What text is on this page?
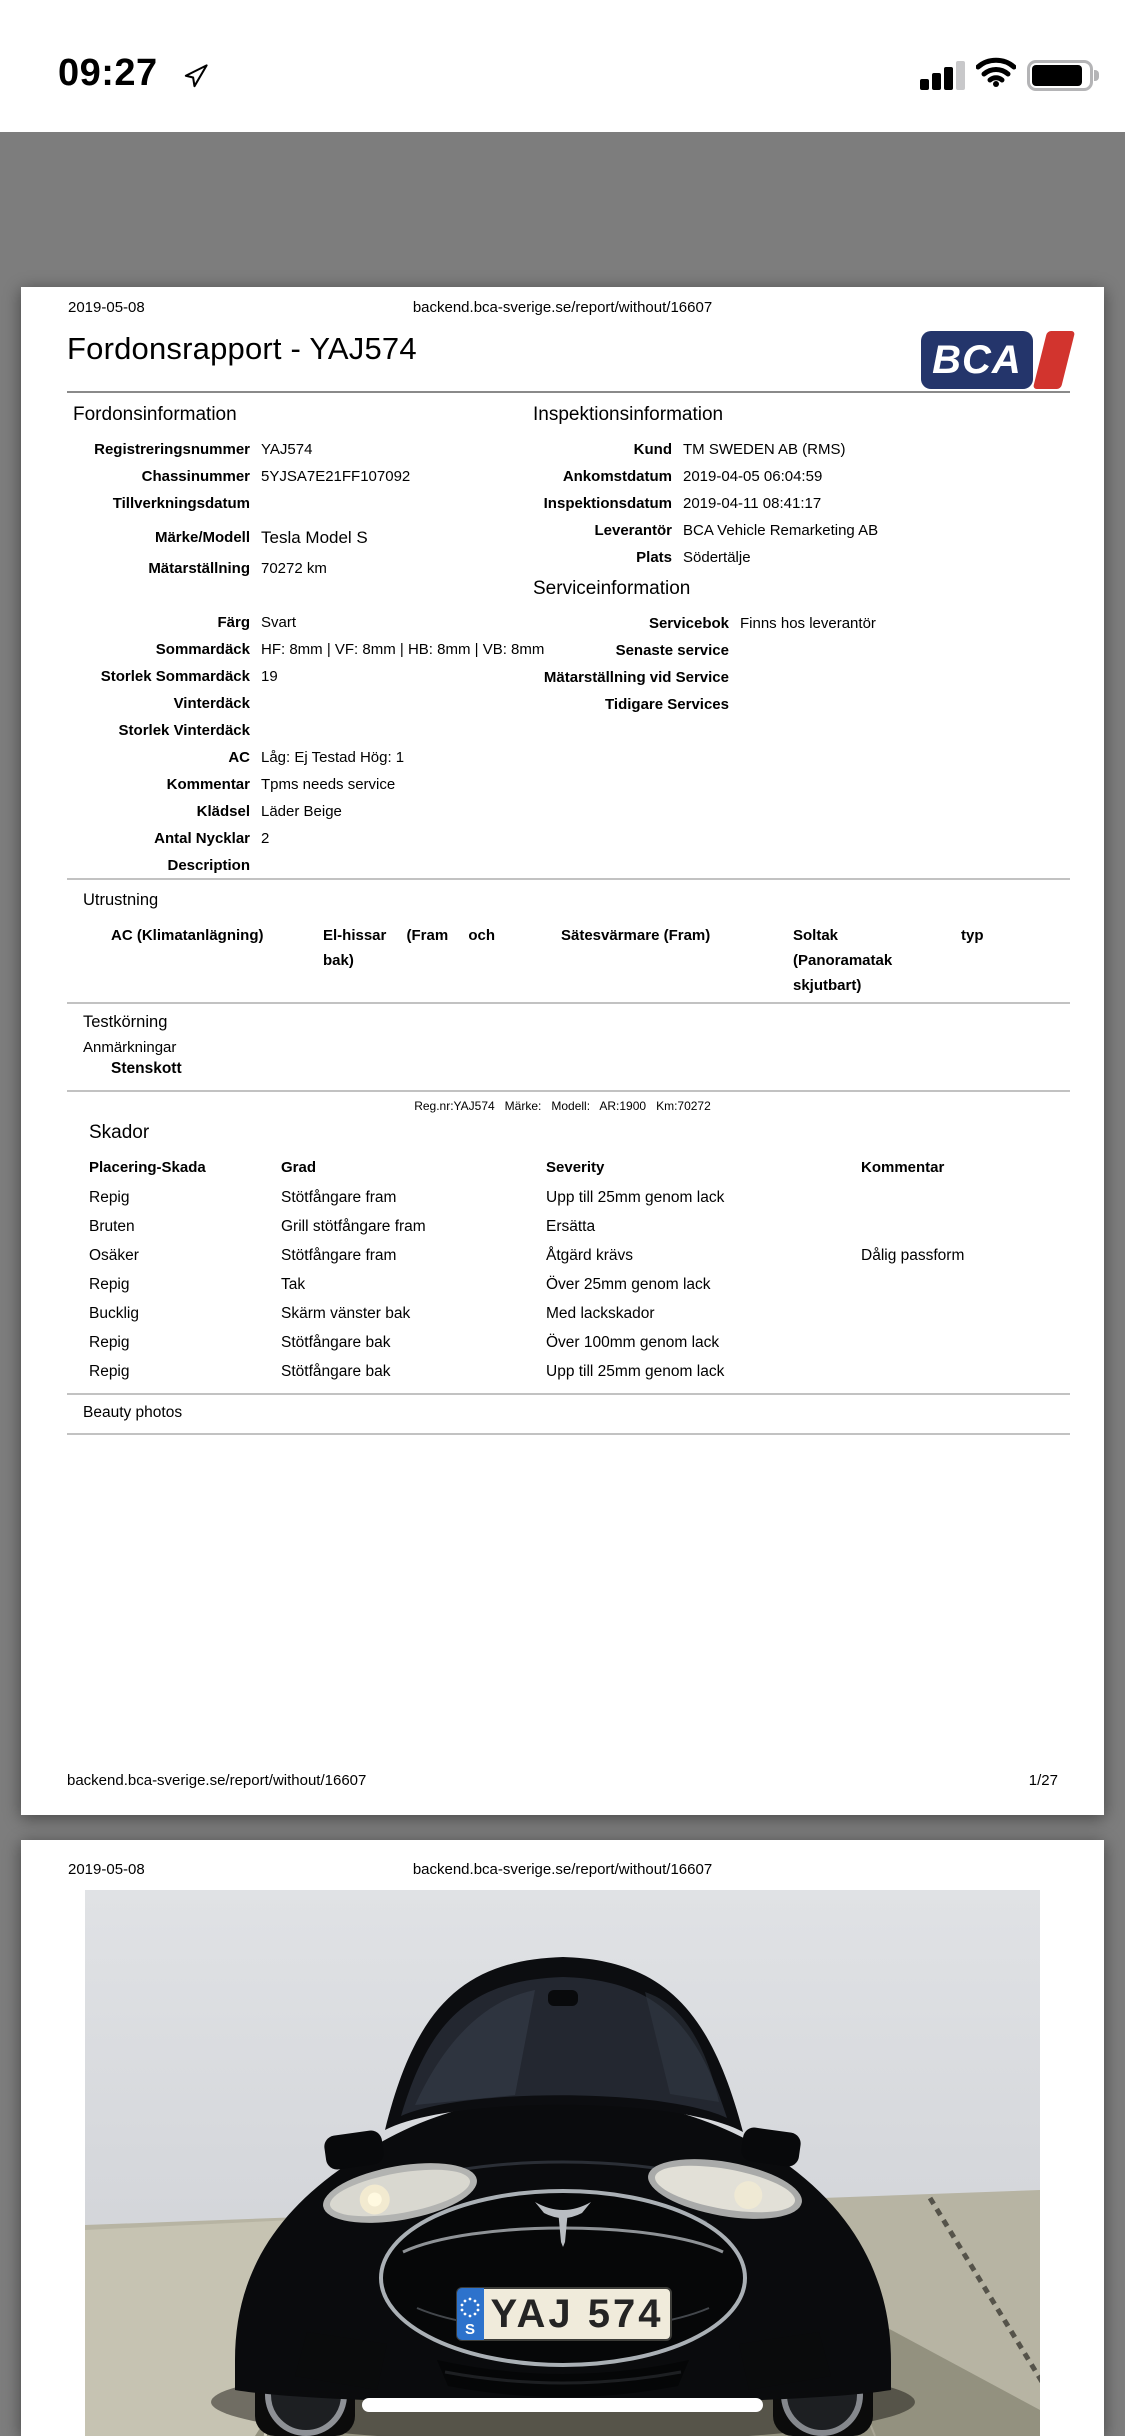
09:27
2019-05-08	backend.bca-sverige.se/report/without/16607
Fordonsrapport - YAJ574	BCA
Fordonsinformation
Registreringsnummer YAJ574
Chassinummer 5YJSA7E21FF107092
Tillverkningsdatum
Märke/Modell Tesla Model S
Mätarställning 70272 km
Färg Svart
Sommardäck HF: 8mm | VF: 8mm | HB: 8mm | VB: 8mm
Storlek Sommardäck 19
Vinterdäck
Storlek Vinterdäck
AC Låg: Ej Testad Hög: 1
Kommentar Tpms needs service
Klädsel Läder Beige
Antal Nycklar 2
Description
Inspektionsinformation
Kund TM SWEDEN AB (RMS)
Ankomstdatum 2019-04-05 06:04:59
Inspektionsdatum 2019-04-11 08:41:17
Leverantör BCA Vehicle Remarketing AB
Plats Södertälje
Serviceinformation
Servicebok Finns hos leverantör
Senaste service
Mätarställning vid Service
Tidigare Services
Utrustning
AC (Klimatanlägning)	El-hissar (Fram och bak)
Sätesvärmare (Fram)	Soltak (Panoramatak skjutbart)
typ
Testkörning
Anmärkningar
Stenskott
Reg.nr:YAJ574   Märke:   Modell:   AR:1900   Km:70272
Skador
Placering-Skada	Grad	Severity	Kommentar
Repig	Stötfångare fram	Upp till 25mm genom lack
Bruten	Grill stötfångare fram	Ersätta
Osäker	Stötfångare fram	Åtgärd krävs	Dålig passform
Repig	Tak	Över 25mm genom lack
Bucklig	Skärm vänster bak	Med lackskador
Repig	Stötfångare bak	Över 100mm genom lack
Repig	Stötfångare bak	Upp till 25mm genom lack
Beauty photos
backend.bca-sverige.se/report/without/16607	1/27
2019-05-08	backend.bca-sverige.se/report/without/16607
S YAJ 574
